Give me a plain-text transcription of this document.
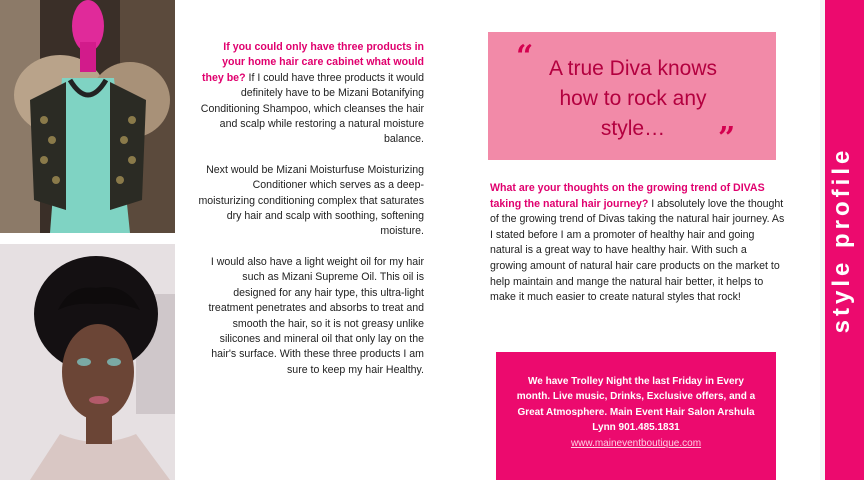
If you could only have three products in your home hair care cabinet what would they be? If I could have three products it would definitely have to be Mizani Botanifying Conditioning Shampoo, which cleanses the hair and scalp while restoring a natural moisture balance.

Next would be Mizani Moisturfuse Moisturizing Conditioner which serves as a deep-moisturizing conditioning complex that saturates dry hair and scalp with soothing, softening moisture.

I would also have a light weight oil for my hair such as Mizani Supreme Oil. This oil is designed for any hair type, this ultra-light treatment penetrates and absorbs to treat and smooth the hair, so it is not greasy unlike silicones and mineral oil that only lay on the hair's surface. With these three products I am sure to keep my hair Healthy.

“ A true Diva knows how to rock any style…	”
What are your thoughts on the growing trend of DIVAS taking the natural hair journey? I absolutely love the thought of the growing trend of Divas taking the natural hair journey. As I stated before I am a promoter of healthy hair and going natural is a great way to have healthy hair. With such a growing amount of natural hair care products on the market to help maintain and mange the natural hair better, it helps to make it much easier to create natural styles that rock!
We have Trolley Night the last Friday in Every month. Live music, Drinks, Exclusive offers, and a Great Atmosphere. Main Event Hair Salon Arshula Lynn 901.485.1831
www.maineventboutique.com
style profile
